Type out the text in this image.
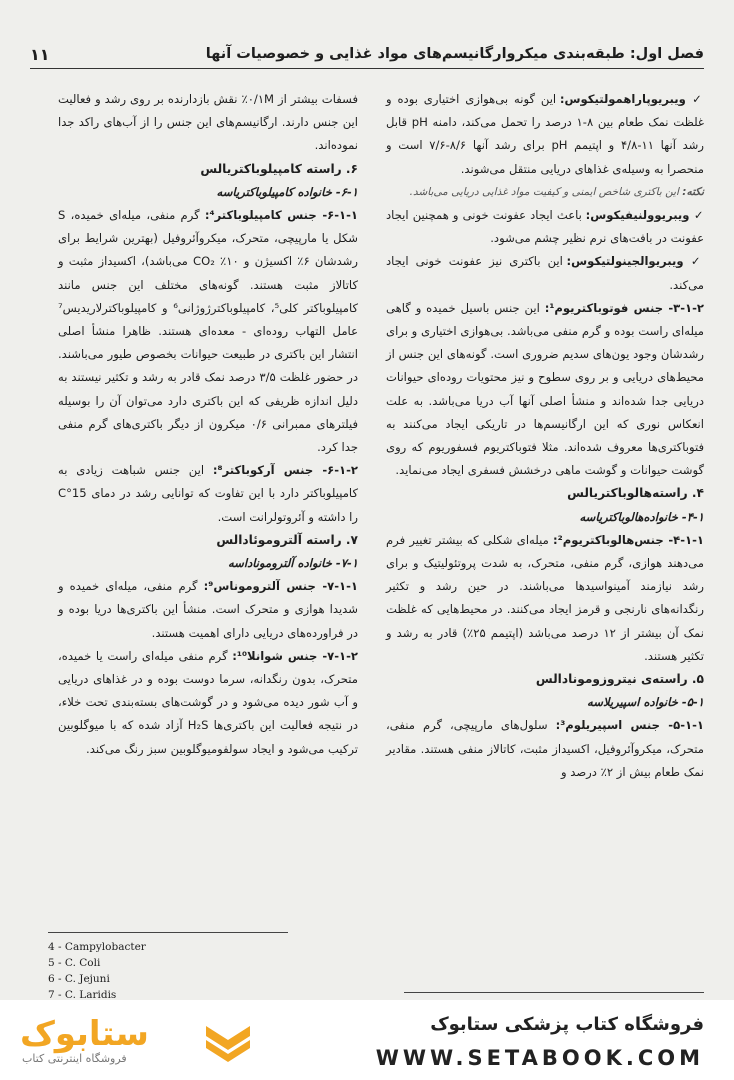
فصل اول: طبقه‌بندی میکروارگانیسم‌های مواد غذایی و خصوصیات آنها
۱۱

✓ ویبریوپاراهمولتیکوس: این گونه بی‌هوازی اختیاری بوده و غلظت نمک طعام بین ۸-۱ درصد را تحمل می‌کند، دامنه pH قابل رشد آنها ۱۱-۴/۸ و اپتیمم pH برای رشد آنها ۸/۶-۷/۶ است و منحصرا به وسیله‌ی غذاهای دریایی منتقل می‌شوند.

نکته: این باکتری شاخص ایمنی و کیفیت مواد غذایی دریایی می‌باشد.

✓ ویبریوولنیفیکوس: باعث ایجاد عفونت خونی و همچنین ایجاد عفونت در بافت‌های نرم نظیر چشم می‌شود.

✓ ویبریوالجینولتیکوس: این باکتری نیز عفونت خونی ایجاد می‌کند.

۳-۱-۲- جنس فوتوباکتریوم¹: این جنس باسیل خمیده و گاهی میله‌ای راست بوده و گرم منفی می‌باشد. بی‌هوازی اختیاری و برای رشدشان وجود یون‌های سدیم ضروری است. گونه‌های این جنس از محیط‌های دریایی و بر روی سطوح و نیز محتویات روده‌ای حیوانات دریایی جدا شده‌اند و منشأ اصلی آنها آب دریا می‌باشد. به علت انعکاس نوری که این ارگانیسم‌ها در تاریکی ایجاد می‌کنند به فتوباکتری‌ها معروف شده‌اند. مثلا فتوباکتریوم فسفوریوم که روی گوشت حیوانات و گوشت ماهی درخشش فسفری ایجاد می‌نماید.

۴. راسته‌هالوباکتریالس

۴-۱- خانواده‌هالوباکتریاسه

۴-۱-۱- جنس‌هالوباکتریوم²: میله‌ای شکلی که بیشتر تغییر فرم می‌دهند هوازی، گرم منفی، متحرک، به شدت پروتئولیتیک و برای رشد نیازمند آمینواسیدها می‌باشند. در حین رشد و تکثیر رنگدانه‌های نارنجی و قرمز ایجاد می‌کنند. در محیط‌هایی که غلظت نمک آن بیشتر از ۱۲ درصد می‌باشد (اپتیمم ۲۵٪) قادر به رشد و تکثیر هستند.

۵. راسته‌ی نیتروزومونادالس

۵-۱- خانواده اسپیریلاسه

۵-۱-۱- جنس اسپیریلوم³: سلول‌های مارپیچی، گرم منفی، متحرک، میکروآئروفیل، اکسیداز مثبت، کاتالاز منفی هستند. مقادیر نمک طعام بیش از ۲٪ درصد و

فسفات بیشتر از ۰/۱M٪ نقش بازدارنده بر روی رشد و فعالیت این جنس دارند. ارگانیسم‌های این جنس را از آب‌های راکد جدا نموده‌اند.

۶. راسته کامپیلوباکتریالس

۶-۱- خانواده کامپیلوباکتریاسه

۶-۱-۱- جنس کامپیلوباکتر⁴: گرم منفی، میله‌ای خمیده، S شکل یا مارپیچی، متحرک، میکروآئروفیل (بهترین شرایط برای رشدشان ۶٪ اکسیژن و ۱۰٪ CO₂ می‌باشد)، اکسیداز مثبت و کاتالاز مثبت هستند. گونه‌های مختلف این جنس مانند کامپیلوباکتر کلی⁵، کامپیلوباکترژوژانی⁶ و کامپیلوباکترلاریدیس⁷ عامل التهاب روده‌ای - معده‌ای هستند. ظاهرا منشأ اصلی انتشار این باکتری در طبیعت حیوانات بخصوص طیور می‌باشند. در حضور غلظت ۳/۵ درصد نمک قادر به رشد و تکثیر نیستند به دلیل اندازه ظریفی که این باکتری دارد می‌توان آن را بوسیله فیلترهای ممبرانی ۰/۶ میکرون از دیگر باکتری‌های گرم منفی جدا کرد.

۶-۱-۲- جنس آرکوباکتر⁸: این جنس شباهت زیادی به کامپیلوباکتر دارد با این تفاوت که توانایی رشد در دمای 15°C را داشته و آئروتولرانت است.

۷. راسته آلتروموئادالس

۷-۱- خانواده آلتروموناداسه

۷-۱-۱- جنس آلتروموناس⁹: گرم منفی، میله‌ای خمیده و شدیدا هوازی و متحرک است. منشأ این باکتری‌ها دریا بوده و در فراورده‌های دریایی دارای اهمیت هستند.

۷-۱-۲- جنس شوانلا¹⁰: گرم منفی میله‌ای راست یا خمیده، متحرک، بدون رنگدانه، سرما دوست بوده و در غذاهای دریایی و آب شور دیده می‌شود و در گوشت‌های بسته‌بندی تحت خلاء، در نتیجه فعالیت این باکتری‌ها H₂S آزاد شده که با میوگلوبین ترکیب می‌شود و ایجاد سولفومیوگلوبین سبز رنگ می‌کند.

4 - Campylobacter
5 - C. Coli
6 - C. Jejuni
7 - C. Laridis
ستابوک
فروشگاه اینترنتی کتاب
فروشگاه کتاب پزشکی ستابوک
WWW.SETABOOK.COM
